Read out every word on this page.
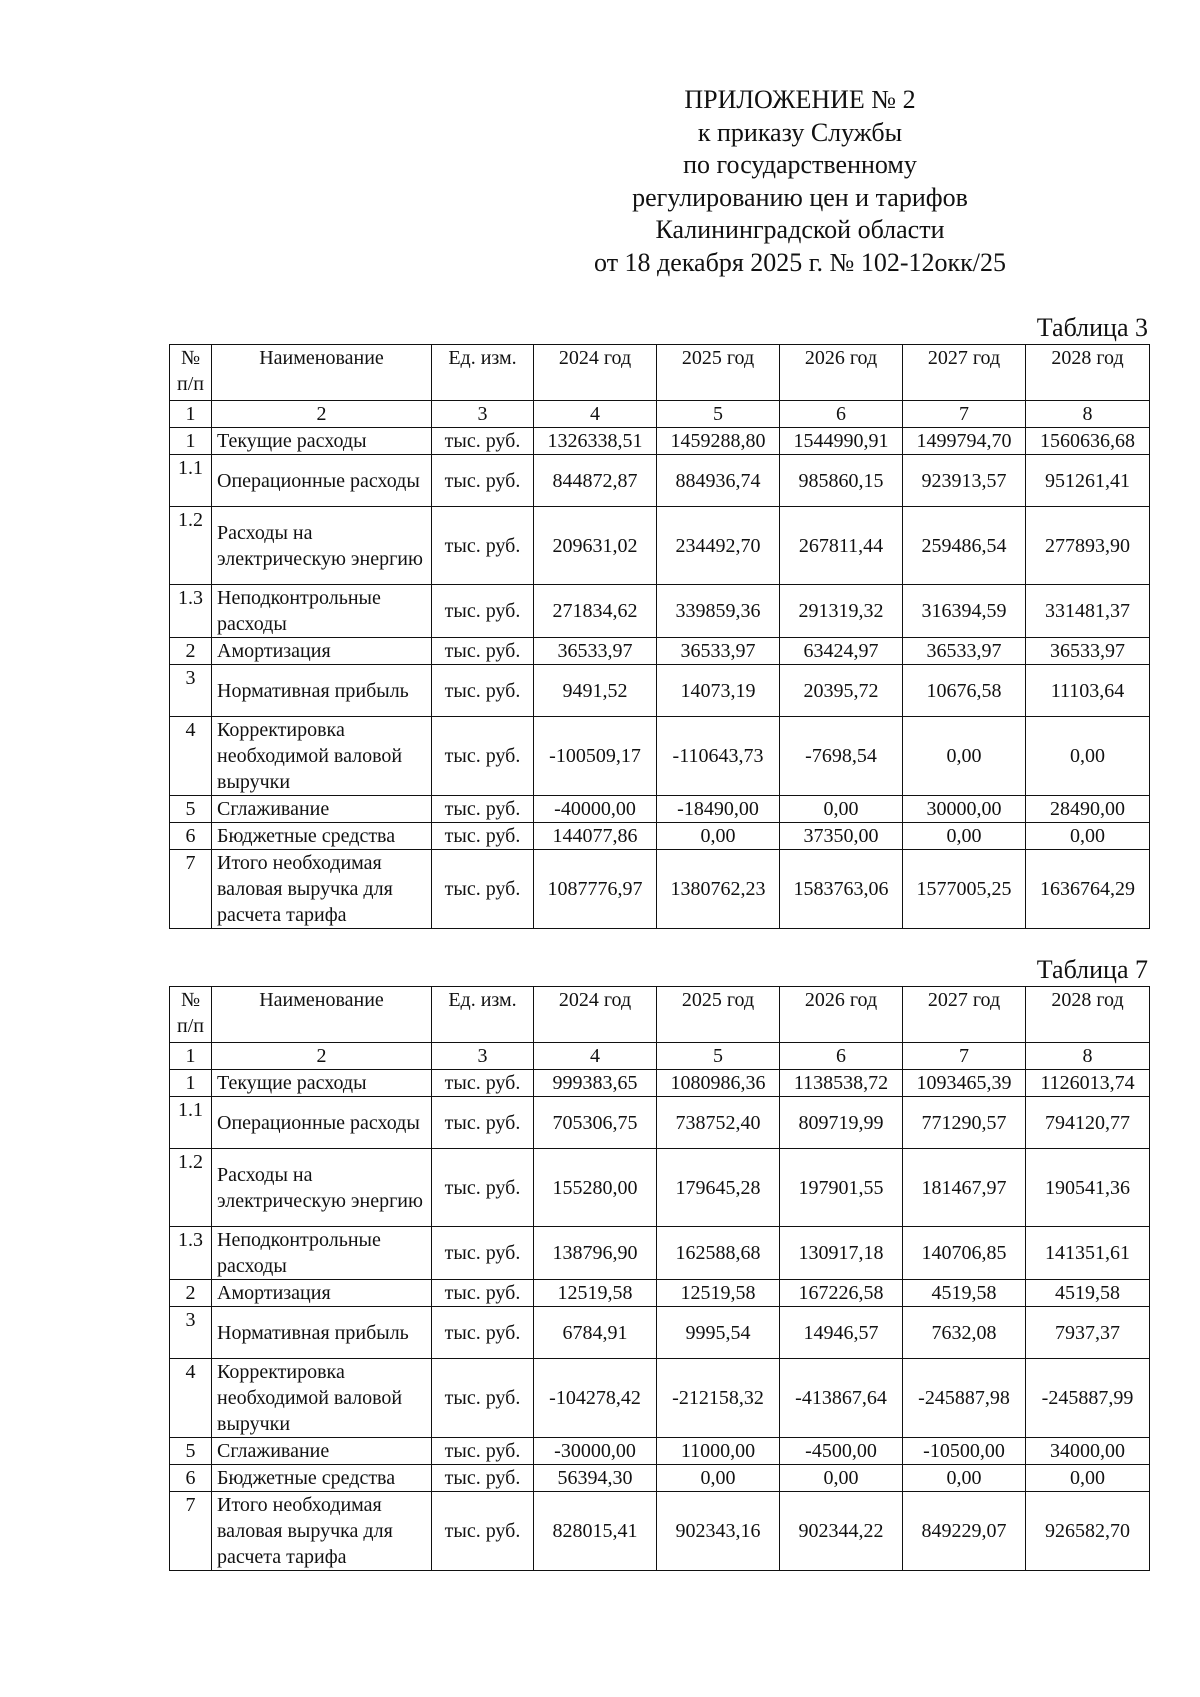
ПРИЛОЖЕНИЕ № 2
к приказу Службы
по государственному
регулированию цен и тарифов
Калининградской области
от 18 декабря 2025 г. № 102-12окк/25
Таблица 3
№ п/п	Наименование	Ед. изм.	2024 год	2025 год	2026 год	2027 год	2028 год
1	2	3	4	5	6	7	8
1	Текущие расходы	тыс. руб.	1326338,51	1459288,80	1544990,91	1499794,70	1560636,68
1.1	Операционные расходы	тыс. руб.	844872,87	884936,74	985860,15	923913,57	951261,41
1.2	Расходы на электрическую энергию	тыс. руб.	209631,02	234492,70	267811,44	259486,54	277893,90
1.3	Неподконтрольные расходы	тыс. руб.	271834,62	339859,36	291319,32	316394,59	331481,37
2	Амортизация	тыс. руб.	36533,97	36533,97	63424,97	36533,97	36533,97
3	Нормативная прибыль	тыс. руб.	9491,52	14073,19	20395,72	10676,58	11103,64
4	Корректировка необходимой валовой выручки	тыс. руб.	-100509,17	-110643,73	-7698,54	0,00	0,00
5	Сглаживание	тыс. руб.	-40000,00	-18490,00	0,00	30000,00	28490,00
6	Бюджетные средства	тыс. руб.	144077,86	0,00	37350,00	0,00	0,00
7	Итого необходимая валовая выручка для расчета тарифа	тыс. руб.	1087776,97	1380762,23	1583763,06	1577005,25	1636764,29
Таблица 7
№ п/п	Наименование	Ед. изм.	2024 год	2025 год	2026 год	2027 год	2028 год
1	2	3	4	5	6	7	8
1	Текущие расходы	тыс. руб.	999383,65	1080986,36	1138538,72	1093465,39	1126013,74
1.1	Операционные расходы	тыс. руб.	705306,75	738752,40	809719,99	771290,57	794120,77
1.2	Расходы на электрическую энергию	тыс. руб.	155280,00	179645,28	197901,55	181467,97	190541,36
1.3	Неподконтрольные расходы	тыс. руб.	138796,90	162588,68	130917,18	140706,85	141351,61
2	Амортизация	тыс. руб.	12519,58	12519,58	167226,58	4519,58	4519,58
3	Нормативная прибыль	тыс. руб.	6784,91	9995,54	14946,57	7632,08	7937,37
4	Корректировка необходимой валовой выручки	тыс. руб.	-104278,42	-212158,32	-413867,64	-245887,98	-245887,99
5	Сглаживание	тыс. руб.	-30000,00	11000,00	-4500,00	-10500,00	34000,00
6	Бюджетные средства	тыс. руб.	56394,30	0,00	0,00	0,00	0,00
7	Итого необходимая валовая выручка для расчета тарифа	тыс. руб.	828015,41	902343,16	902344,22	849229,07	926582,70
